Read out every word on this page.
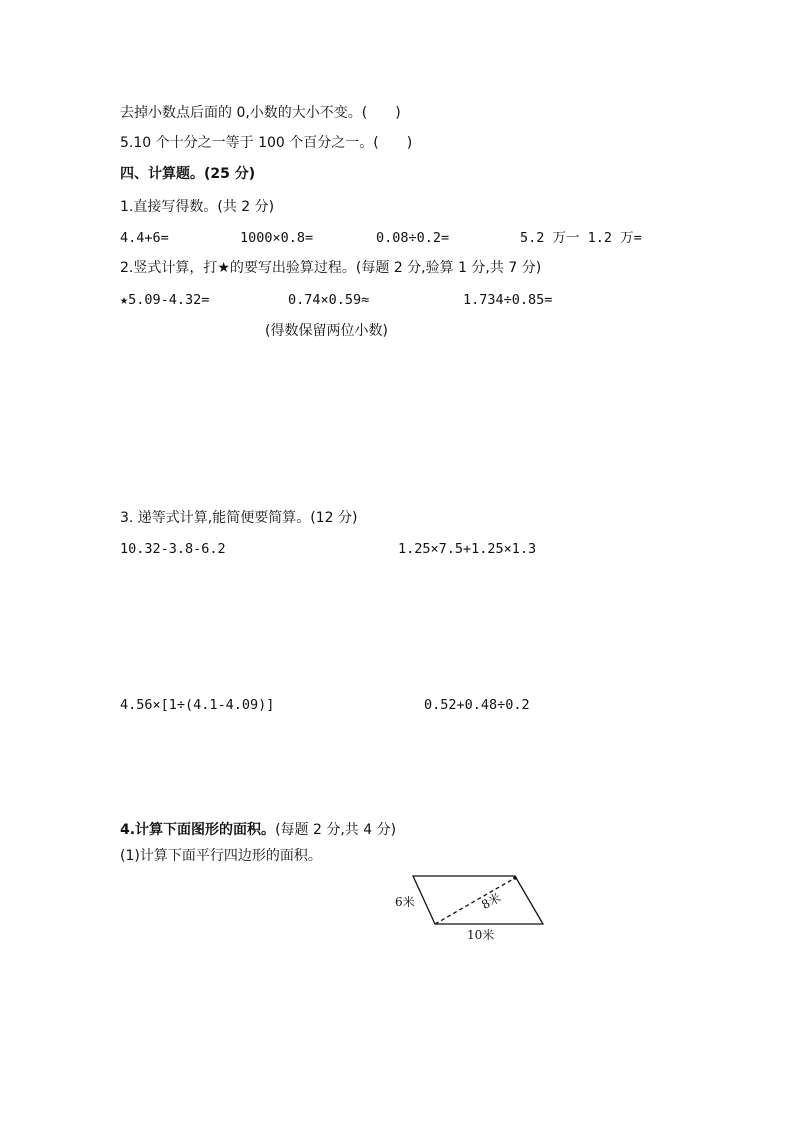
去掉小数点后面的 0,小数的大小不变。(　　)
5.10 个十分之一等于 100 个百分之一。(　　)
四、计算题。(25 分)
1.直接写得数。(共 2 分)
4.4+6=	1000×0.8=	0.08÷0.2=	5.2 万一 1.2 万=
2.竖式计算，打★的要写出验算过程。(每题 2 分,验算 1 分,共 7 分)
★5.09-4.32=	0.74×0.59≈	1.734÷0.85=
(得数保留两位小数)
3. 递等式计算,能简便要简算。(12 分)
10.32-3.8-6.2	1.25×7.5+1.25×1.3
4.56×[1÷(4.1-4.09)]	0.52+0.48÷0.2
4.计算下面图形的面积。(每题 2 分,共 4 分)
(1)计算下面平行四边形的面积。
6米	8米
10米
